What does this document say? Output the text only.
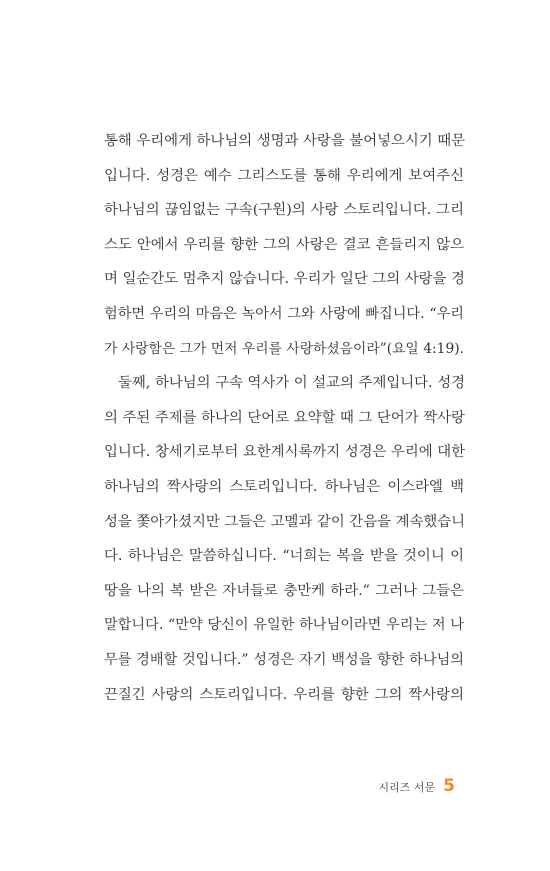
통해 우리에게 하나님의 생명과 사랑을 불어넣으시기 때문
입니다. 성경은 예수 그리스도를 통해 우리에게 보여주신
하나님의 끊임없는 구속(구원)의 사랑 스토리입니다. 그리
스도 안에서 우리를 향한 그의 사랑은 결코 흔들리지 않으
며 일순간도 멈추지 않습니다. 우리가 일단 그의 사랑을 경
험하면 우리의 마음은 녹아서 그와 사랑에 빠집니다. “우리
가 사랑함은 그가 먼저 우리를 사랑하셨음이라”(요일 4:19).
둘째, 하나님의 구속 역사가 이 설교의 주제입니다. 성경
의 주된 주제를 하나의 단어로 요약할 때 그 단어가 짝사랑
입니다. 창세기로부터 요한계시록까지 성경은 우리에 대한
하나님의 짝사랑의 스토리입니다. 하나님은 이스라엘 백
성을 쫓아가셨지만 그들은 고멜과 같이 간음을 계속했습니
다. 하나님은 말씀하십니다. “너희는 복을 받을 것이니 이
땅을 나의 복 받은 자녀들로 충만케 하라.” 그러나 그들은
말합니다. “만약 당신이 유일한 하나님이라면 우리는 저 나
무를 경배할 것입니다.” 성경은 자기 백성을 향한 하나님의
끈질긴 사랑의 스토리입니다. 우리를 향한 그의 짝사랑의
시리즈 서문 5
